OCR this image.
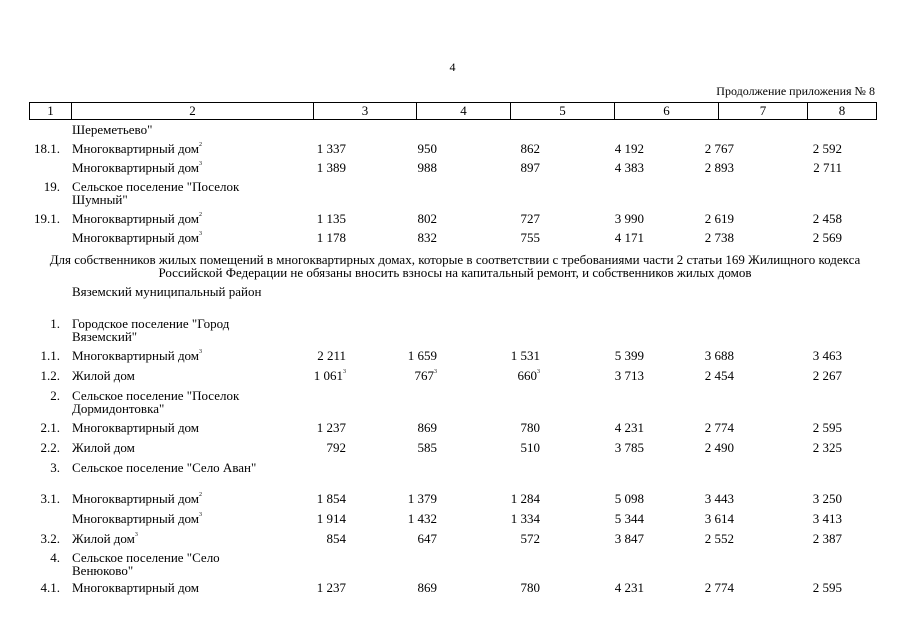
4
Продолжение приложения № 8
1	2	3	4	5	6	7	8
Шереметьево"
18.1. Многоквартирный дом$^2$	1 337	950	862	4 192	2 767	2 592
Многоквартирный дом$^3$	1 389	988	897	4 383	2 893	2 711
19. Сельское поселение "Поселок Шумный"
19.1. Многоквартирный дом$^2$	1 135	802	727	3 990	2 619	2 458
Многоквартирный дом$^3$	1 178	832	755	4 171	2 738	2 569
Для собственников жилых помещений в многоквартирных домах, которые в соответствии с требованиями части 2 статьи 169 Жилищного кодекса Российской Федерации не обязаны вносить взносы на капитальный ремонт, и собственников жилых домов
Вяземский муниципальный район
1. Городское поселение "Город Вяземский"
1.1. Многоквартирный дом$^3$	2 211	1 659	1 531	5 399	3 688	3 463
1.2. Жилой дом	1 $061^3$	$767^3$	$660^3$	3 713	2 454	2 267
2. Сельское поселение "Поселок Дормидонтовка"
2.1. Многоквартирный дом	1 237	869	780	4 231	2 774	2 595
2.2. Жилой дом	792	585	510	3 785	2 490	2 325
3. Сельское поселение "Село Аван"
3.1. Многоквартирный дом$^2$	1 854	1 379	1 284	5 098	3 443	3 250
Многоквартирный дом$^3$	1 914	1 432	1 334	5 344	3 614	3 413
3.2. Жилой дом$^3$	854	647	572	3 847	2 552	2 387
4. Сельское поселение "Село Венюково"
4.1. Многоквартирный дом	1 237	869	780	4 231	2 774	2 595
